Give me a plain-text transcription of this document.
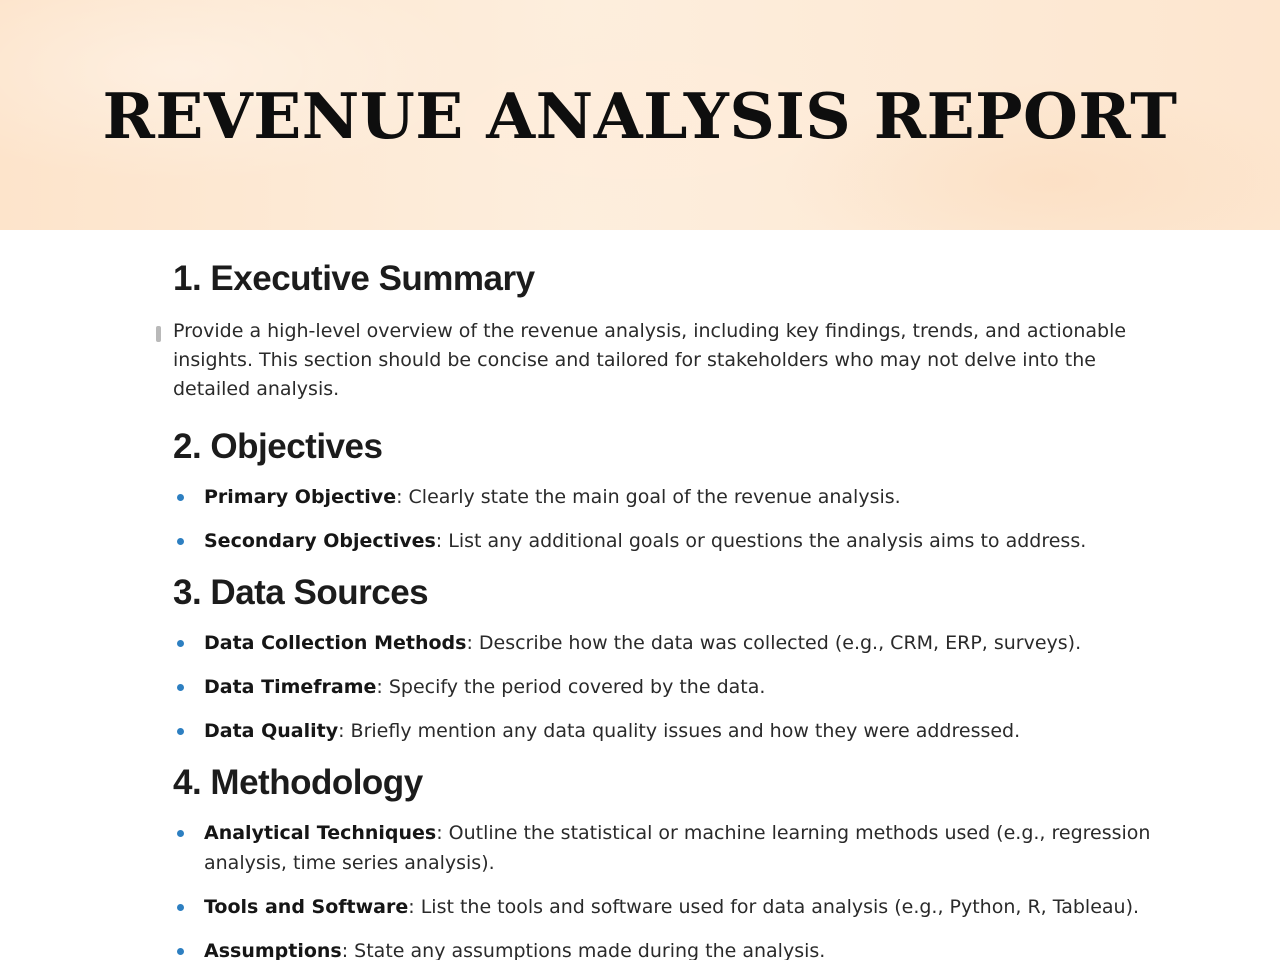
REVENUE ANALYSIS REPORT
1. Executive Summary

Provide a high-level overview of the revenue analysis, including key findings, trends, and actionable insights. This section should be concise and tailored for stakeholders who may not delve into the detailed analysis.

2. Objectives
Primary Objective: Clearly state the main goal of the revenue analysis.
Secondary Objectives: List any additional goals or questions the analysis aims to address.
3. Data Sources
Data Collection Methods: Describe how the data was collected (e.g., CRM, ERP, surveys).
Data Timeframe: Specify the period covered by the data.
Data Quality: Briefly mention any data quality issues and how they were addressed.
4. Methodology
Analytical Techniques: Outline the statistical or machine learning methods used (e.g., regression analysis, time series analysis).
Tools and Software: List the tools and software used for data analysis (e.g., Python, R, Tableau).
Assumptions: State any assumptions made during the analysis.
